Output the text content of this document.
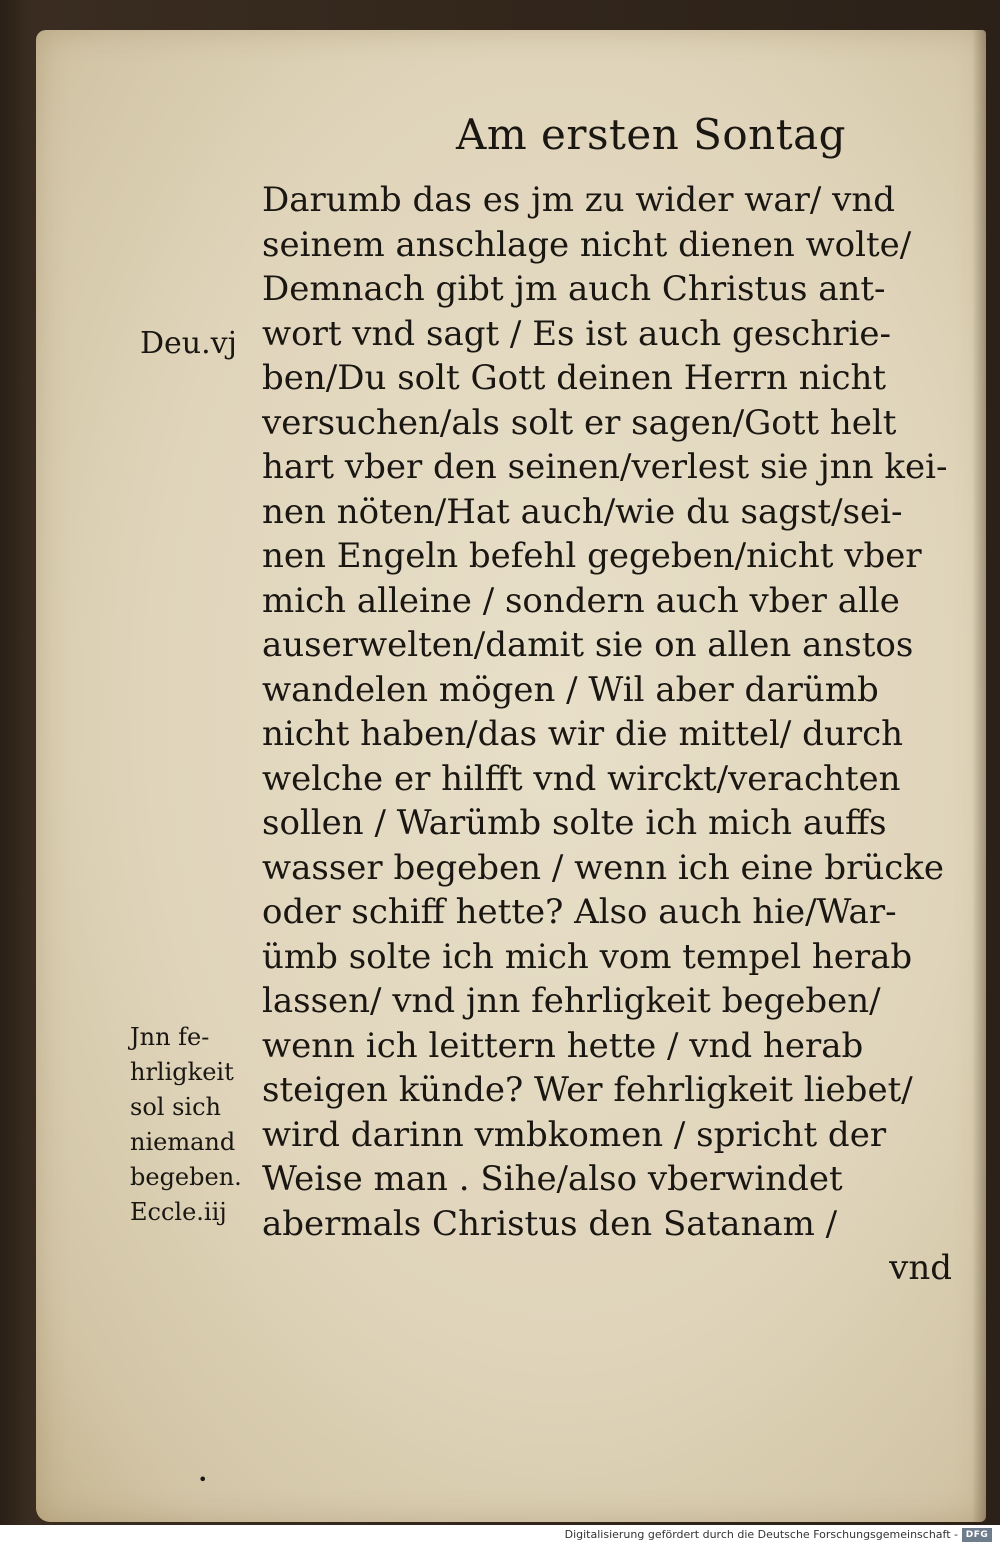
Am ersten Sontag
Darumb das es jm zu wider war/ vnd
seinem anschlage nicht dienen wolte/
Demnach gibt jm auch Christus ant-
wort vnd sagt / Es ist auch geschrie-
ben/Du solt Gott deinen Herrn nicht
versuchen/als solt er sagen/Gott helt
hart vber den seinen/verlest sie jnn kei-
nen nöten/Hat auch/wie du sagst/sei-
nen Engeln befehl gegeben/nicht vber
mich alleine / sondern auch vber alle
auserwelten/damit sie on allen anstos
wandelen mögen / Wil aber darümb
nicht haben/das wir die mittel/ durch
welche er hilfft vnd wirckt/verachten
sollen / Warümb solte ich mich auffs
wasser begeben / wenn ich eine brücke
oder schiff hette? Also auch hie/War-
ümb solte ich mich vom tempel herab
lassen/ vnd jnn fehrligkeit begeben/
wenn ich leittern hette / vnd herab
steigen künde? Wer fehrligkeit liebet/
wird darinn vmbkomen / spricht der
Weise man . Sihe/also vberwindet
abermals Christus den Satanam /
vnd
Deu.vj
Jnn fe-
hrligkeit
sol sich
niemand
begeben.
Eccle.iij
•
Digitalisierung gefördert durch die Deutsche Forschungsgemeinschaft - DFG
